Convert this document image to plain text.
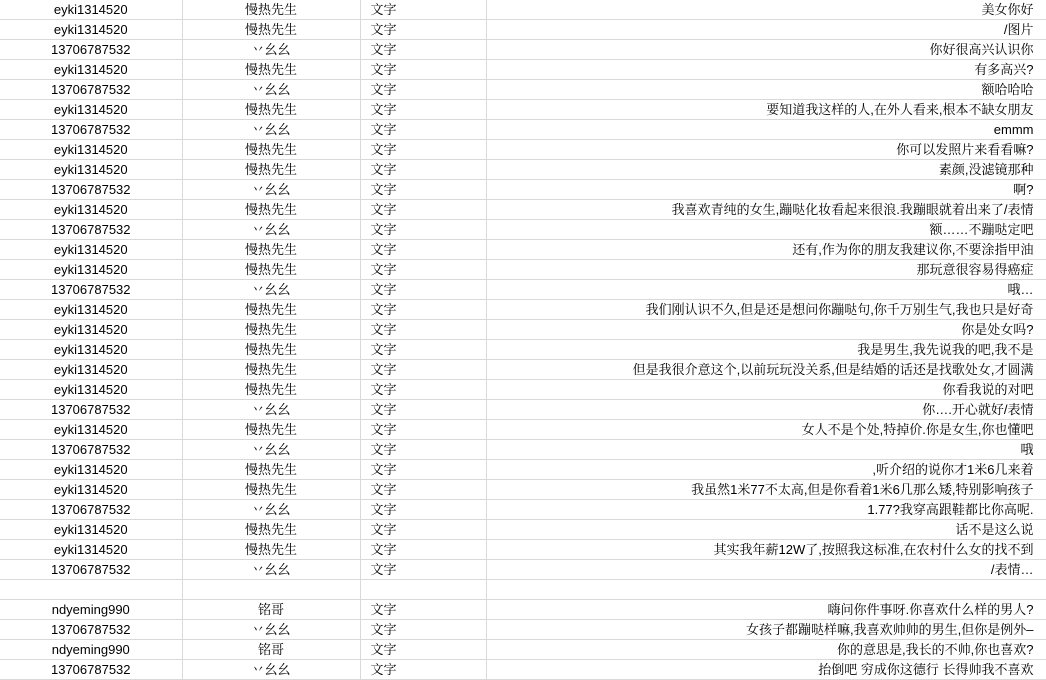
eyki1314520	慢热先生	文字	美女你好
eyki1314520	慢热先生	文字	/图片
13706787532	丷幺幺	文字	你好很高兴认识你
eyki1314520	慢热先生	文字	有多高兴?
13706787532	丷幺幺	文字	额哈哈哈
eyki1314520	慢热先生	文字	要知道我这样的人,在外人看来,根本不缺女朋友
13706787532	丷幺幺	文字	emmm
eyki1314520	慢热先生	文字	你可以发照片来看看嘛?
eyki1314520	慢热先生	文字	素颜,没滤镜那种
13706787532	丷幺幺	文字	啊?
eyki1314520	慢热先生	文字	我喜欢青纯的女生,蹦哒化妆看起来很浪.我蹦眼就着出来了/表情
13706787532	丷幺幺	文字	额……不蹦哒定吧
eyki1314520	慢热先生	文字	还有,作为你的朋友我建议你,不要涂指甲油
eyki1314520	慢热先生	文字	那玩意很容易得癌症
13706787532	丷幺幺	文字	哦…
eyki1314520	慢热先生	文字	我们刚认识不久,但是还是想问你蹦哒句,你千万别生气,我也只是好奇
eyki1314520	慢热先生	文字	你是处女吗?
eyki1314520	慢热先生	文字	我是男生,我先说我的吧,我不是
eyki1314520	慢热先生	文字	但是我很介意这个,以前玩玩没关系,但是结婚的话还是找歌处女,才圆满
eyki1314520	慢热先生	文字	你看我说的对吧
13706787532	丷幺幺	文字	你….开心就好/表情
eyki1314520	慢热先生	文字	女人不是个处,特掉价.你是女生,你也懂吧
13706787532	丷幺幺	文字	哦
eyki1314520	慢热先生	文字	,听介绍的说你才1米6几来着
eyki1314520	慢热先生	文字	我虽然1米77不太高,但是你看着1米6几那么矮,特别影响孩子
13706787532	丷幺幺	文字	1.77?我穿高跟鞋都比你高呢.
eyki1314520	慢热先生	文字	话不是这么说
eyki1314520	慢热先生	文字	其实我年薪12W了,按照我这标准,在农村什么女的找不到
13706787532	丷幺幺	文字	/表情…

ndyeming990	铭哥	文字	嗨问你件事呀.你喜欢什么样的男人?
13706787532	丷幺幺	文字	女孩子都蹦哒样嘛,我喜欢帅帅的男生,但你是例外–
ndyeming990	铭哥	文字	你的意思是,我长的不帅,你也喜欢?
13706787532	丷幺幺	文字	抬倒吧 穷成你这德行 长得帅我不喜欢
